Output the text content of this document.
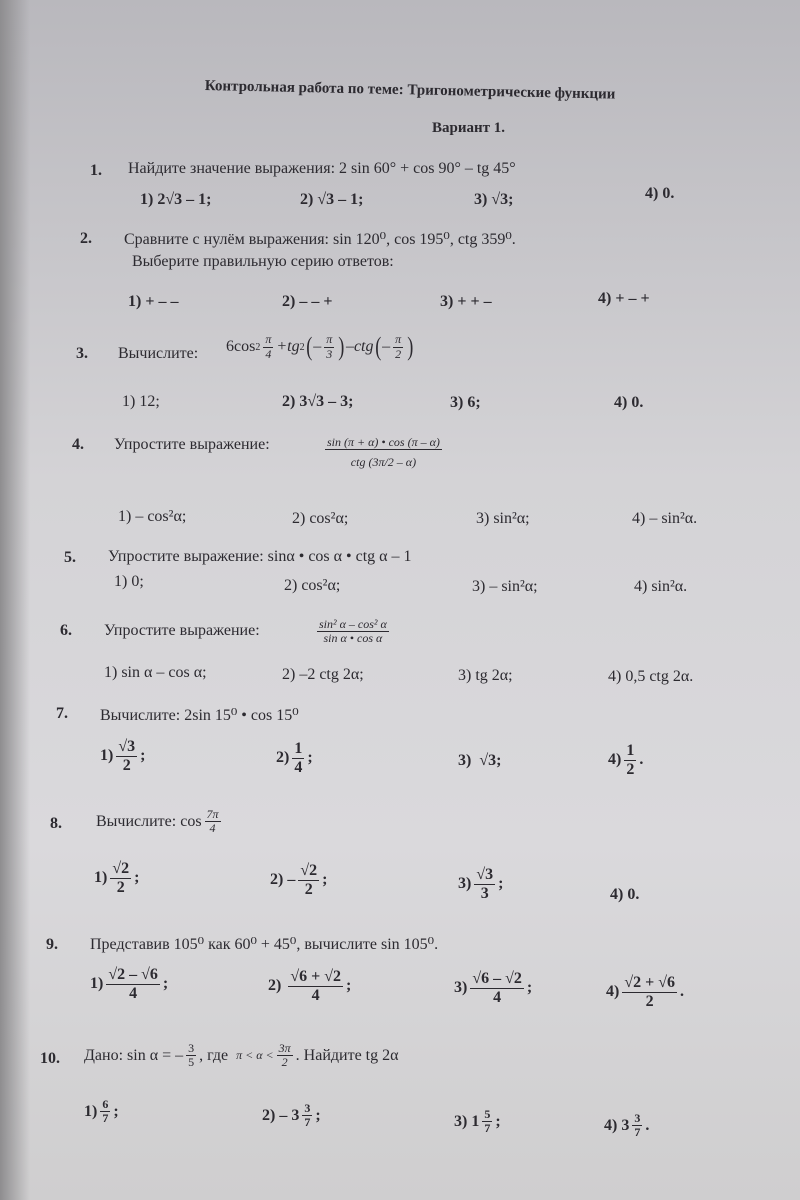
Контрольная работа по теме: Тригонометрические функции
Вариант 1.
1. Найдите значение выражения: 2 sin 60° + cos 90° – tg 45°
1) 2√3 – 1;	2) √3 – 1;	3) √3;	4) 0.
2. Сравните с нулём выражения: sin 120⁰, cos 195⁰, ctg 359⁰.
Выберите правильную серию ответов:
1) + – –	2) – – +	3) + + –	4) + – +
3. Вычислите: 6cos $2 \frac{\pi}{4} +tg$ 2 ( – $\frac{\pi}{3}$ ) –ctg ( – $\frac{\pi}{2}$ )
1) 12;	2) 3√3 – 3;	3) 6;	4) 0.
4. Упростите выражение:	$\frac{\sin (\pi + \alpha) • \cos (\pi - \alpha)}{\text{ctg (3π/2 – α)}}$
1) – cos²α;	2) cos²α;	3) sin²α;	4) – sin²α.
5. Упростите выражение: sinα • cos α • ctg α – 1
1) 0;	2) cos²α;	3) – sin²α;	4) sin²α.
6. Упростите выражение:	$\frac{\text{sin² α – cos² α}}{\text{sin α • cos α}}$
1) sin α – cos α;	2) –2 ctg 2α;	3) tg 2α;	4) 0,5 ctg 2α.
7. Вычислите: 2sin 15⁰ • cos 15⁰
$1) \frac{√3}{2}$ ;	$2) \frac{1}{4}$ ;	3)  √3;	$4) \frac{1}{2}$ .
8. Вычислите: $\cos \frac{7\pi}{4}$
$1) \frac{√2}{2}$ ;	$2) - \frac{√2}{2}$ ;	$3) \frac{√3}{3}$ ;
4) 0.
9. Представив 105⁰ как 60⁰ + 45⁰, вычислите sin 105⁰.
$1) \frac{√2 - √6}{4}$ ;	$2) \frac{√6 + √2}{4}$ ;	$3) \frac{√6 - √2}{4}$ ;	$4) \frac{√2 + √6}{2}$ .
10. Дано: sin α = – $\frac{3}{5}$ , где $\pi < \alpha < \frac{3\pi}{2}$ . Найдите tg 2α
$1) \frac{6}{7}$ ;	$2) - 3 \frac{3}{7}$ ;	3) $1 \frac{5}{7}$ ;	4) $3 \frac{3}{7}$ .
